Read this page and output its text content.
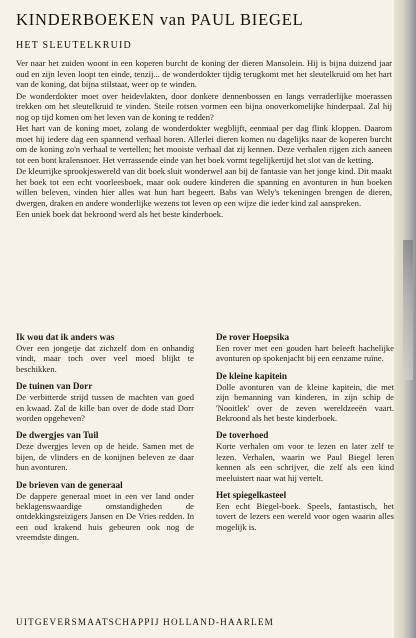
KINDERBOEKEN van PAUL BIEGEL
HET SLEUTELKRUID

Ver naar het zuiden woont in een koperen burcht de koning der dieren Mansolein. Hij is bijna duizend jaar oud en zijn leven loopt ten einde, tenzij... de wonderdokter tijdig terugkomt met het sleutelkruid om het hart van de koning, dat bijna stilstaat, weer op te winden.

De wonderdokter moet over heidevlakten, door donkere dennenbossen en langs verraderlijke moerassen trekken om het sleutelkruid te vinden. Steile rotsen vormen een bijna onoverkomelijke hinderpaal. Zal hij nog op tijd komen om het leven van de koning te redden?

Het hart van de koning moet, zolang de wonderdokter wegblijft, eenmaal per dag flink kloppen. Daarom moet hij iedere dag een spannend verhaal horen. Allerlei dieren komen nu dagelijks naar de koperen burcht om de koning zo'n verhaal te vertellen; het mooiste verhaal dat zij kennen. Deze verhalen rijgen zich aaneen tot een bont kralensnoer. Het verrassende einde van het boek vormt tegelijkertijd het slot van de ketting.

De kleurrijke sprookjeswereld van dit boek sluit wonderwel aan bij de fantasie van het jonge kind. Dit maakt het boek tot een echt voorleesboek, maar ook oudere kinderen die spanning en avonturen in hun boeken willen beleven, vinden hier alles wat hun hart begeert. Babs van Wely's tekeningen brengen de dieren, dwergen, draken en andere wonderlijke wezens tot leven op een wijze die ieder kind zal aanspreken.

Een uniek boek dat bekroond werd als het beste kinderboek.

Ik wou dat ik anders was

Over een jongetje dat zichzelf dom en onhandig vindt, maar toch over veel moed blijkt te beschikken.

De tuinen van Dorr

De verbitterde strijd tussen de machten van goed en kwaad. Zal de kille ban over de dode stad Dorr worden opgeheven?

De dwergjes van Tuil

Deze dwergjes leven op de heide. Samen met de bijen, de vlinders en de konijnen beleven ze daar hun avonturen.

De brieven van de generaal

De dappere generaal moet in een ver land onder beklagenswaardige omstandigheden de ontdekkingsreizigers Jansen en De Vries redden. In een oud krakend huis gebeuren ook nog de vreemdste dingen.

De rover Hoepsika

Een rover met een gouden hart beleeft hachelijke avonturen op spokenjacht bij een eenzame ruïne.

De kleine kapitein

Dolle avonturen van de kleine kapitein, die met zijn bemanning van kinderen, in zijn schip de 'Nooitlek' over de zeven wereldzeeën vaart. Bekroond als het beste kinderboek.

De toverhoed

Korte verhalen om voor te lezen en later zelf te lezen. Verhalen, waarin we Paul Biegel leren kennen als een schrijver, die zelf als een kind meeluistert naar wat hij vertelt.

Het spiegelkasteel

Een echt Biegel-boek. Speels, fantastisch, het tovert de lezers een wereld voor ogen waarin alles mogelijk is.

UITGEVERSMAATSCHAPPIJ HOLLAND-HAARLEM
